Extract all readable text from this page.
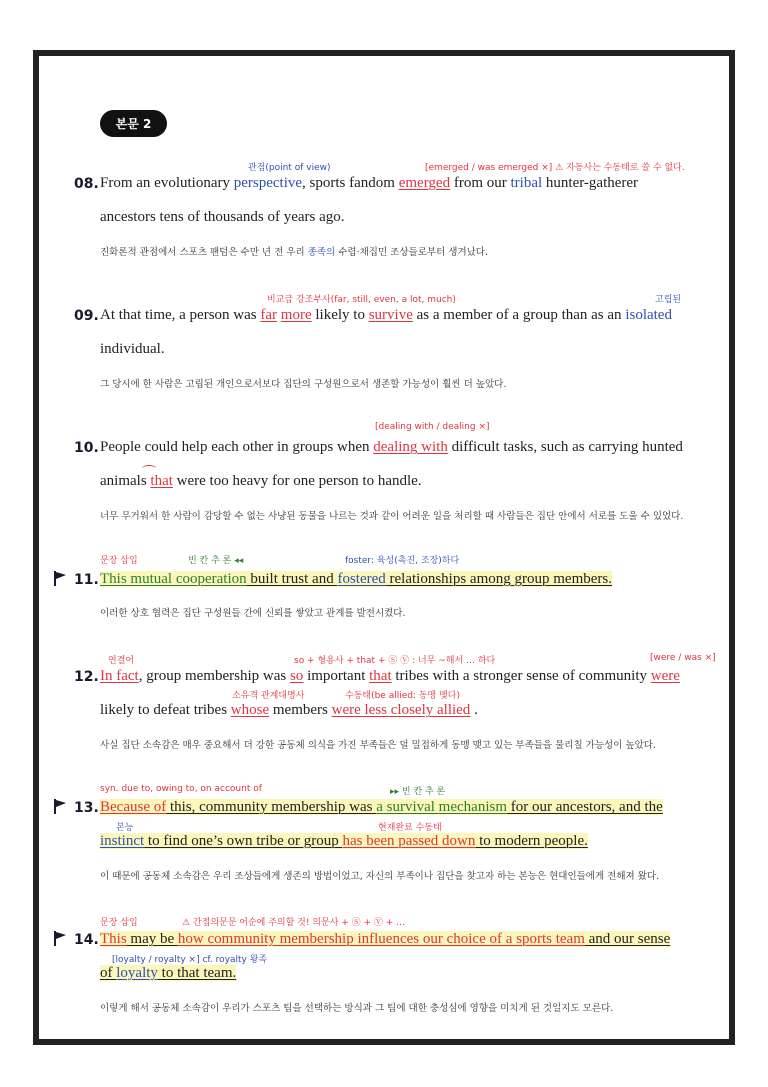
본문 2
관점(point of view)	[emerged / was emerged ×] ⚠ 자동사는 수동태로 쓸 수 없다.
08. From an evolutionary perspective, sports fandom emerged from our tribal hunter-gatherer
ancestors tens of thousands of years ago.
진화론적 관점에서 스포츠 팬덤은 수만 년 전 우리 종족의 수렵·채집민 조상들로부터 생겨났다.
비교급 강조부사(far, still, even, a lot, much)	고립된
09. At that time, a person was far more likely to survive as a member of a group than as an isolated
individual.
그 당시에 한 사람은 고립된 개인으로서보다 집단의 구성원으로서 생존할 가능성이 훨씬 더 높았다.
[dealing with / dealing ×]
10. People could help each other in groups when dealing with difficult tasks, such as carrying hunted
animals that were too heavy for one person to handle.
너무 무거워서 한 사람이 감당할 수 없는 사냥된 동물을 나르는 것과 같이 어려운 일을 처리할 때 사람들은 집단 안에서 서로를 도울 수 있었다.
문장 삽입	빈 칸 추 론 ◂◂	foster: 육성(촉진, 조장)하다
11. This mutual cooperation built trust and fostered relationships among group members.
이러한 상호 협력은 집단 구성원들 간에 신뢰를 쌓았고 관계를 발전시켰다.
연결어	so + 형용사 + that + Ⓢ Ⓥ : 너무 ~해서 … 하다	[were / was ×]
12. In fact, group membership was so important that tribes with a stronger sense of community were
소유격 관계대명사	수동태(be allied: 동맹 맺다)
likely to defeat tribes whose members were less closely allied .
사실 집단 소속감은 매우 중요해서 더 강한 공동체 의식을 가진 부족들은 덜 밀접하게 동맹 맺고 있는 부족들을 물리칠 가능성이 높았다.
syn. due to, owing to, on account of	▸▸ 빈 칸 추 론
13. Because of this, community membership was a survival mechanism for our ancestors, and the
본능	현재완료 수동태
instinct to find one’s own tribe or group has been passed down to modern people.
이 때문에 공동체 소속감은 우리 조상들에게 생존의 방법이었고, 자신의 부족이나 집단을 찾고자 하는 본능은 현대인들에게 전해져 왔다.
문장 삽입	⚠ 간접의문문 어순에 주의할 것! 의문사 + Ⓢ + Ⓥ + …
14. This may be how community membership influences our choice of a sports team and our sense
[loyalty / royalty ×] cf. royalty 왕족
of loyalty to that team.
이렇게 해서 공동체 소속감이 우리가 스포츠 팀을 선택하는 방식과 그 팀에 대한 충성심에 영향을 미치게 된 것일지도 모른다.
